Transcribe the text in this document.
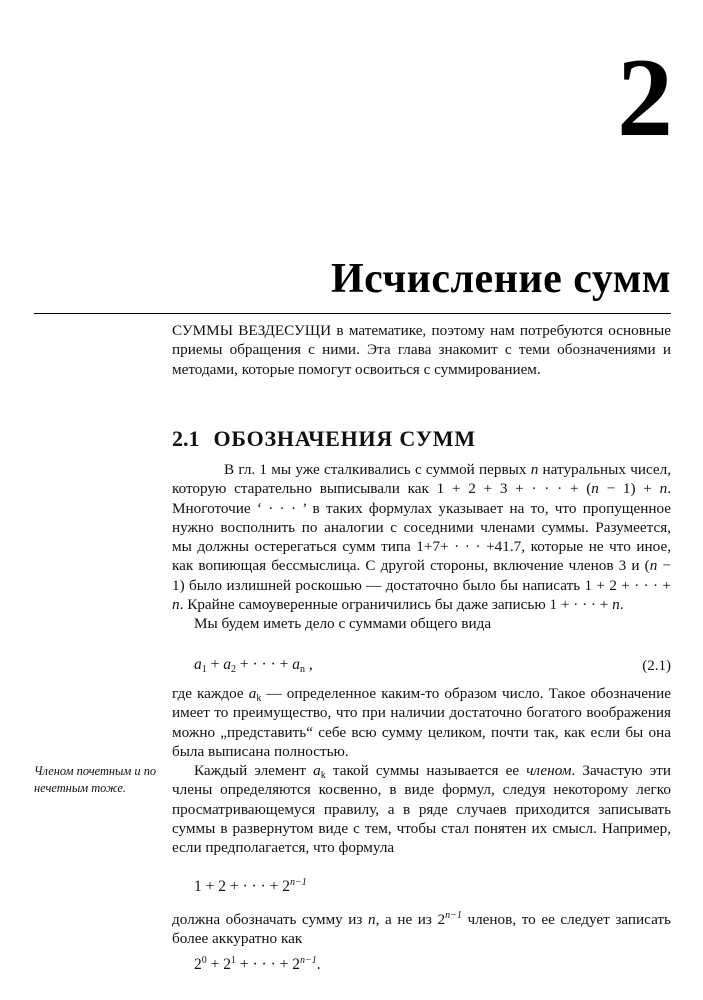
2
Исчисление сумм

СУММЫ ВЕЗДЕСУЩИ в математике, поэтому нам потребуются основные приемы обращения с ними. Эта глава знакомит с теми обозначениями и методами, которые помогут освоиться с суммированием.

2.1 ОБОЗНАЧЕНИЯ СУММ

В гл. 1 мы уже сталкивались с суммой первых n натуральных чисел, которую старательно выписывали как 1 + 2 + 3 + · · · + (n − 1) + n. Многоточие ‘ · · · ’ в таких формулах указывает на то, что пропущенное нужно восполнить по аналогии с соседними членами суммы. Разумеется, мы должны остерегаться сумм типа 1+7+ · · · +41.7, которые не что иное, как вопиющая бессмыслица. С другой стороны, включение членов 3 и (n − 1) было излишней роскошью — достаточно было бы написать 1 + 2 + · · · + n. Крайне самоуверенные ограничились бы даже записью 1 + · · · + n.

Мы будем иметь дело с суммами общего вида

$a_1 + a_2$ + · · · + $a_n$ ,	(2.1)

где каждое $a_k$ — определенное каким-то образом число. Такое обозначение имеет то преимущество, что при наличии достаточно богатого воображения можно „представить“ себе всю сумму целиком, почти так, как если бы она была выписана полностью.

Каждый элемент $a_k$ такой суммы называется ее членом. Зачастую эти члены определяются косвенно, в виде формул, следуя некоторому легко просматривающемуся правилу, а в ряде случаев приходится записывать суммы в развернутом виде с тем, чтобы стал понятен их смысл. Например, если предполагается, что формула

Членом почетным и по нечетным тоже.
1 + 2 + · · · + $2^{n-1}$

должна обозначать сумму из n, а не из $2^{n-1}$ членов, то ее следует записать более аккуратно как

$2^0 + 2^1$ + · · · + $2^{n-1}$.
